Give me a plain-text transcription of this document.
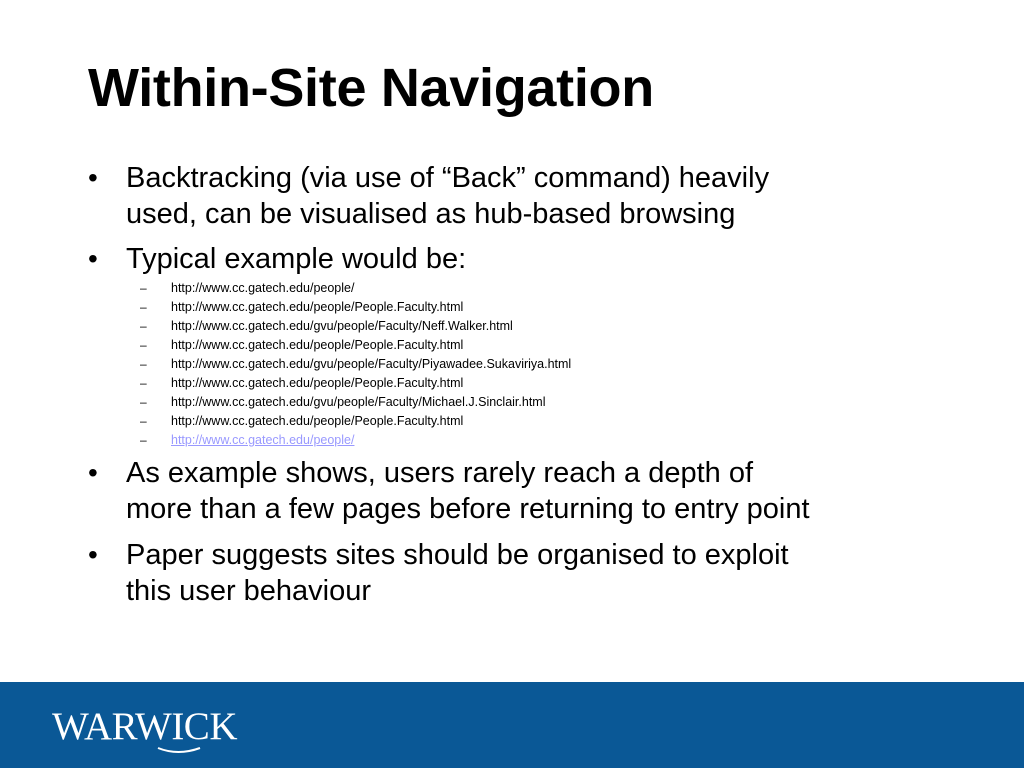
Within-Site Navigation
• Backtracking (via use of “Back” command) heavily
used, can be visualised as hub-based browsing
• Typical example would be:
– http://www.cc.gatech.edu/people/
– http://www.cc.gatech.edu/people/People.Faculty.html
– http://www.cc.gatech.edu/gvu/people/Faculty/Neff.Walker.html
– http://www.cc.gatech.edu/people/People.Faculty.html
– http://www.cc.gatech.edu/gvu/people/Faculty/Piyawadee.Sukaviriya.html
– http://www.cc.gatech.edu/people/People.Faculty.html
– http://www.cc.gatech.edu/gvu/people/Faculty/Michael.J.Sinclair.html
– http://www.cc.gatech.edu/people/People.Faculty.html
– http://www.cc.gatech.edu/people/
• As example shows, users rarely reach a depth of
more than a few pages before returning to entry point
• Paper suggests sites should be organised to exploit
this user behaviour
WARWICK
